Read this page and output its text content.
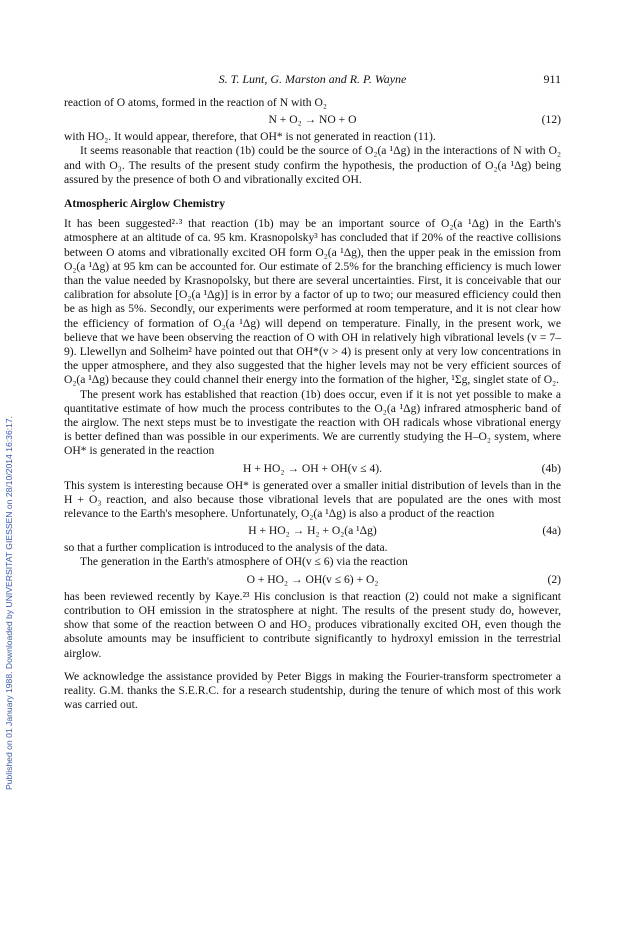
Published on 01 January 1988. Downloaded by UNIVERSITAT GIESSEN on 28/10/2014 16:36:17.
S. T. Lunt, G. Marston and R. P. Wayne	911

reaction of O atoms, formed in the reaction of N with O₂

N + O₂ → NO + O	(12)

with HO₂. It would appear, therefore, that OH* is not generated in reaction (11).

It seems reasonable that reaction (1b) could be the source of O₂(a ¹Δg) in the interactions of N with O₂ and with O₃. The results of the present study confirm the hypothesis, the production of O₂(a ¹Δg) being assured by the presence of both O and vibrationally excited OH.

Atmospheric Airglow Chemistry

It has been suggested²·³ that reaction (1b) may be an important source of O₂(a ¹Δg) in the Earth's atmosphere at an altitude of ca. 95 km. Krasnopolsky³ has concluded that if 20% of the reactive collisions between O atoms and vibrationally excited OH form O₂(a ¹Δg), then the upper peak in the emission from O₂(a ¹Δg) at 95 km can be accounted for. Our estimate of 2.5% for the branching efficiency is much lower than the value needed by Krasnopolsky, but there are several uncertainties. First, it is conceivable that our calibration for absolute [O₂(a ¹Δg)] is in error by a factor of up to two; our measured efficiency could then be as high as 5%. Secondly, our experiments were performed at room temperature, and it is not clear how the efficiency of formation of O₂(a ¹Δg) will depend on temperature. Finally, in the present work, we believe that we have been observing the reaction of O with OH in relatively high vibrational levels (v = 7–9). Llewellyn and Solheim² have pointed out that OH*(v > 4) is present only at very low concentrations in the upper atmosphere, and they also suggested that the higher levels may not be very efficient sources of O₂(a ¹Δg) because they could channel their energy into the formation of the higher, ¹Σg, singlet state of O₂.

The present work has established that reaction (1b) does occur, even if it is not yet possible to make a quantitative estimate of how much the process contributes to the O₂(a ¹Δg) infrared atmospheric band of the airglow. The next steps must be to investigate the reaction with OH radicals whose vibrational energy is better defined than was possible in our experiments. We are currently studying the H–O₂ system, where OH* is generated in the reaction

H + HO₂ → OH + OH(v ≤ 4).	(4b)

This system is interesting because OH* is generated over a smaller initial distribution of levels than in the H + O₃ reaction, and also because those vibrational levels that are populated are the ones with most relevance to the Earth's mesophere. Unfortunately, O₂(a ¹Δg) is also a product of the reaction

H + HO₂ → H₂ + O₂(a ¹Δg)	(4a)

so that a further complication is introduced to the analysis of the data.

The generation in the Earth's atmosphere of OH(v ≤ 6) via the reaction

O + HO₂ → OH(v ≤ 6) + O₂	(2)

has been reviewed recently by Kaye.²³ His conclusion is that reaction (2) could not make a significant contribution to OH emission in the stratosphere at night. The results of the present study do, however, show that some of the reaction between O and HO₂ produces vibrationally excited OH, even though the absolute amounts may be insufficient to contribute significantly to hydroxyl emission in the terrestrial airglow.

We acknowledge the assistance provided by Peter Biggs in making the Fourier-transform spectrometer a reality. G.M. thanks the S.E.R.C. for a research studentship, during the tenure of which most of this work was carried out.
